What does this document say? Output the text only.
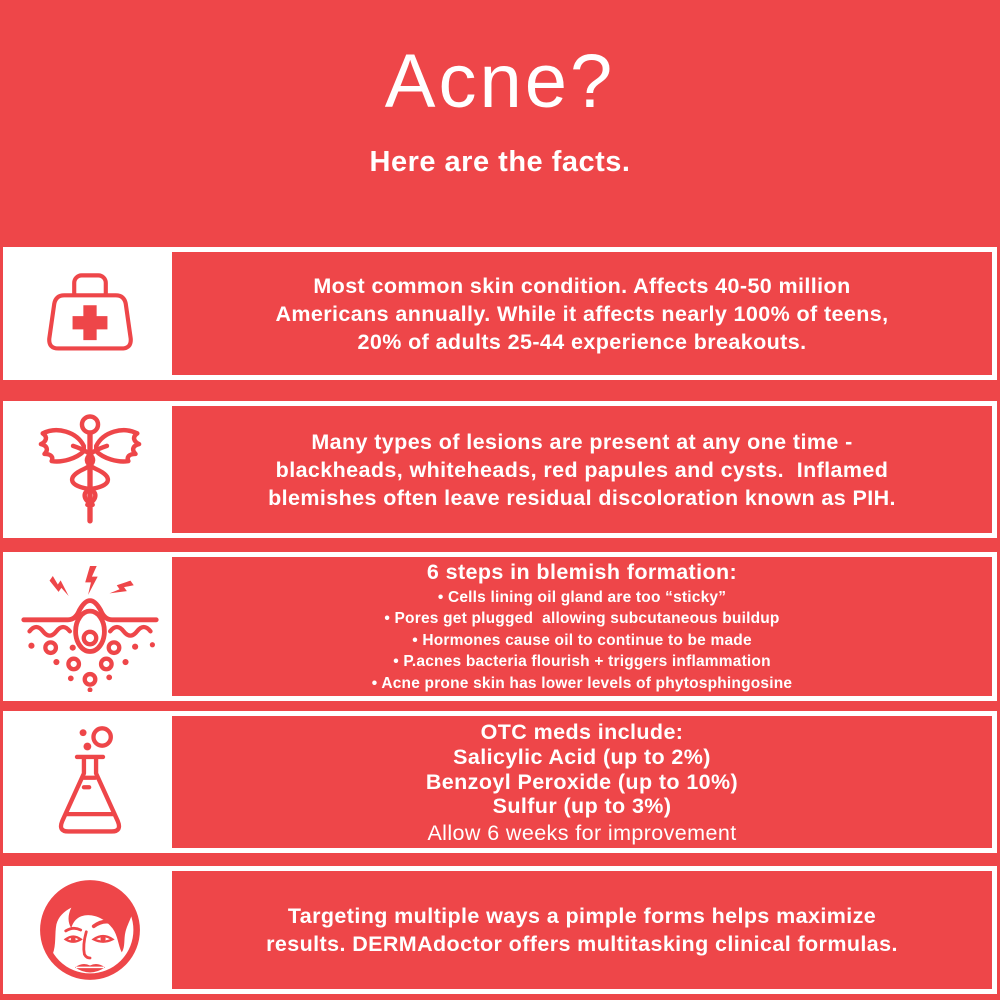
Acne?

Here are the facts.

Most common skin condition. Affects 40-50 million
Americans annually. While it affects nearly 100% of teens,
20% of adults 25-44 experience breakouts.

Many types of lesions are present at any one time -
blackheads, whiteheads, red papules and cysts.  Inflamed
blemishes often leave residual discoloration known as PIH.

6 steps in blemish formation:

• Cells lining oil gland are too “sticky”
• Pores get plugged  allowing subcutaneous buildup
• Hormones cause oil to continue to be made
• P.acnes bacteria flourish + triggers inflammation
• Acne prone skin has lower levels of phytosphingosine

OTC meds include:

Salicylic Acid (up to 2%)
Benzoyl Peroxide (up to 10%)
Sulfur (up to 3%)

Allow 6 weeks for improvement

Targeting multiple ways a pimple forms helps maximize
results. DERMAdoctor offers multitasking clinical formulas.
